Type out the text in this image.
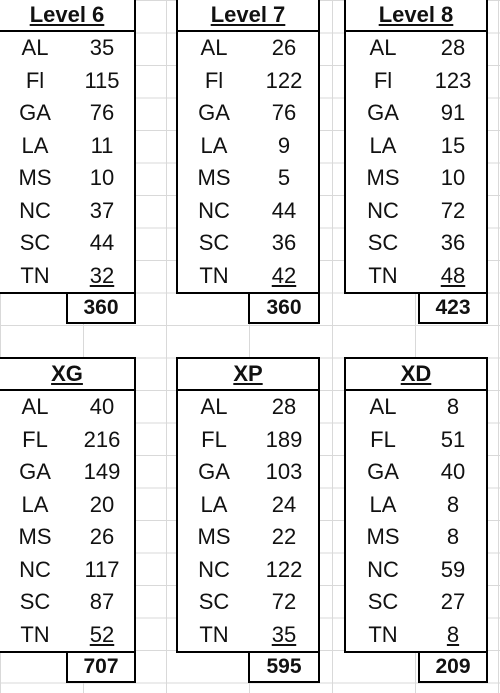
Level 6
AL	35
Fl	115
GA	76
LA	11
MS	10
NC	37
SC	44
TN	32
360
Level 7
AL	26
Fl	122
GA	76
LA	9
MS	5
NC	44
SC	36
TN	42
360
Level 8
AL	28
Fl	123
GA	91
LA	15
MS	10
NC	72
SC	36
TN	48
423
XG
AL	40
FL	216
GA	149
LA	20
MS	26
NC	117
SC	87
TN	52
707
XP
AL	28
FL	189
GA	103
LA	24
MS	22
NC	122
SC	72
TN	35
595
XD
AL	8
FL	51
GA	40
LA	8
MS	8
NC	59
SC	27
TN	8
209
